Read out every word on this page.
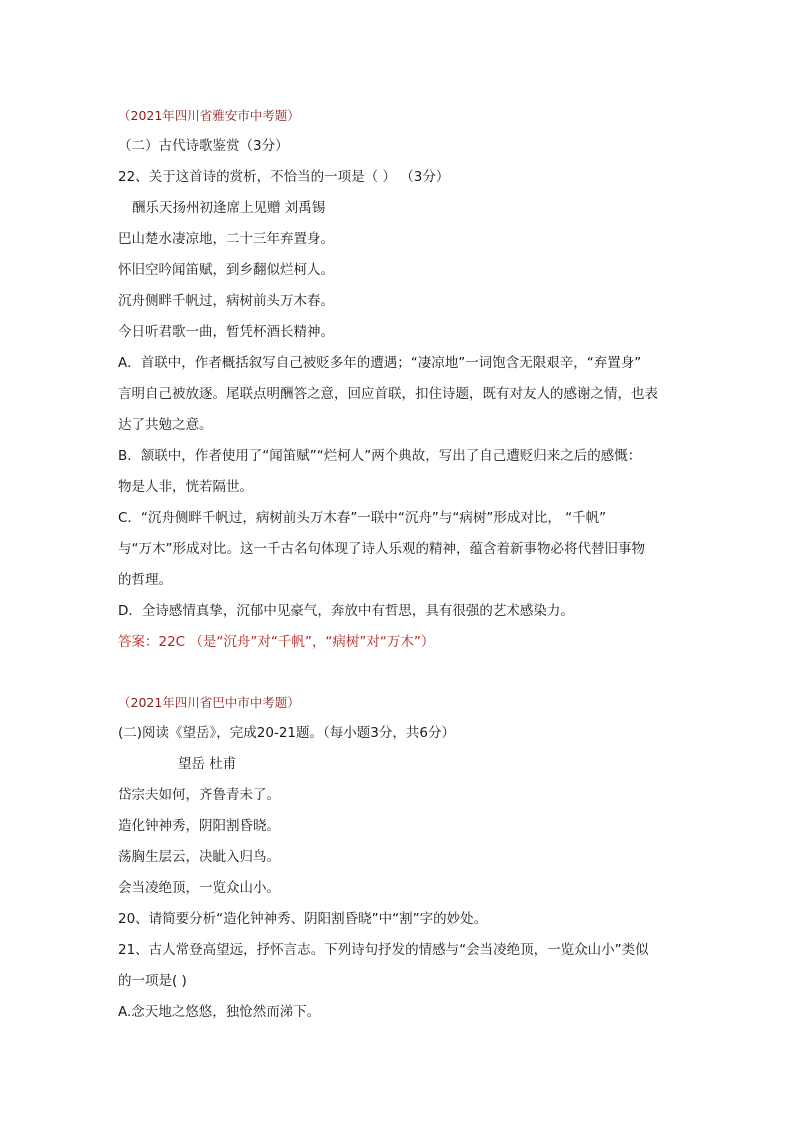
（2021年四川省雅安市中考题）
（二）古代诗歌鉴赏（3分）
22、关于这首诗的赏析，不恰当的一项是（ ） （3分）
酬乐天扬州初逢席上见赠 刘禹锡
巴山楚水凄凉地，二十三年弃置身。
怀旧空吟闻笛赋，到乡翻似烂柯人。
沉舟侧畔千帆过，病树前头万木春。
今日听君歌一曲，暂凭杯酒长精神。
A．首联中，作者概括叙写自己被贬多年的遭遇；“凄凉地”一词饱含无限艰辛，“弃置身”
言明自己被放逐。尾联点明酬答之意，回应首联，扣住诗题，既有对友人的感谢之情，也表
达了共勉之意。
B．颔联中，作者使用了“闻笛赋”“烂柯人”两个典故，写出了自己遭贬归来之后的感慨：
物是人非，恍若隔世。
C．“沉舟侧畔千帆过，病树前头万木春”一联中“沉舟”与“病树”形成对比， “千帆”
与“万木”形成对比。这一千古名句体现了诗人乐观的精神，蕴含着新事物必将代替旧事物
的哲理。
D．全诗感情真挚，沉郁中见豪气，奔放中有哲思，具有很强的艺术感染力。
答案：22C （是“沉舟”对“千帆”，“病树”对“万木”）
（2021年四川省巴中市中考题）
(二)阅读《望岳》，完成20-21题。（每小题3分，共6分）
望岳 杜甫
岱宗夫如何，齐鲁青未了。
造化钟神秀，阴阳割昏晓。
荡胸生层云，决眦入归鸟。
会当凌绝顶，一览众山小。
20、请简要分析“造化钟神秀、阴阳割昏晓”中“割”字的妙处。
21、古人常登高望远，抒怀言志。下列诗句抒发的情感与“会当凌绝顶，一览众山小”类似
的一项是( )
A.念天地之悠悠，独怆然而涕下。
